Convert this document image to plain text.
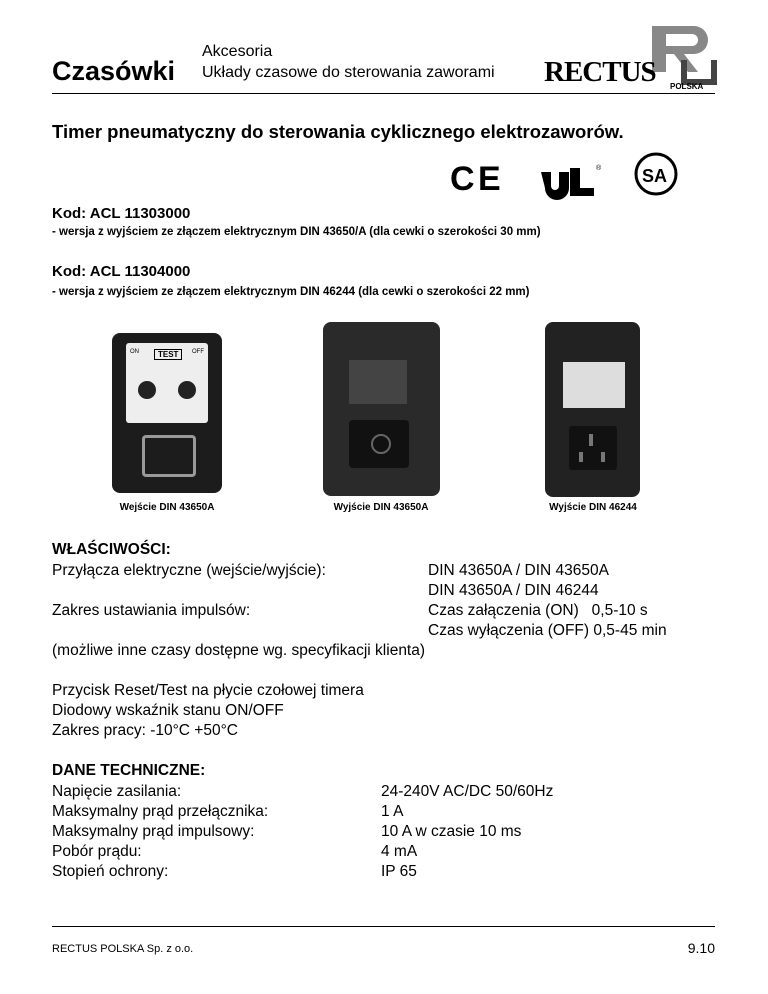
Czasówki
Akcesoria
Układy czasowe do sterowania zaworami RECTUS POLSKA
Timer pneumatyczny do sterowania cyklicznego elektrozaworów.
C E	® SA
Kod: ACL 11303000
- wersja z wyjściem ze złączem elektrycznym DIN 43650/A (dla cewki o szerokości 30 mm)
Kod: ACL 11304000
- wersja z wyjściem ze złączem elektrycznym DIN 46244 (dla cewki o szerokości 22 mm)
TEST
ON	OFF
Wejście DIN 43650A	Wyjście DIN 43650A	Wyjście DIN 46244
WŁAŚCIWOŚCI:
Przyłącza elektryczne (wejście/wyjście):	DIN 43650A / DIN 43650A
DIN 43650A / DIN 46244
Zakres ustawiania impulsów:	Czas załączenia (ON)   0,5-10 s
Czas wyłączenia (OFF) 0,5-45 min
(możliwe inne czasy dostępne wg. specyfikacji klienta)
Przycisk Reset/Test na płycie czołowej timera
Diodowy wskaźnik stanu ON/OFF
Zakres pracy: -10°C +50°C
DANE TECHNICZNE:
Napięcie zasilania:	24-240V AC/DC 50/60Hz
Maksymalny prąd przełącznika:	1 A
Maksymalny prąd impulsowy:	10 A w czasie 10 ms
Pobór prądu:	4 mA
Stopień ochrony:	IP 65
RECTUS POLSKA Sp. z o.o.	9.10
